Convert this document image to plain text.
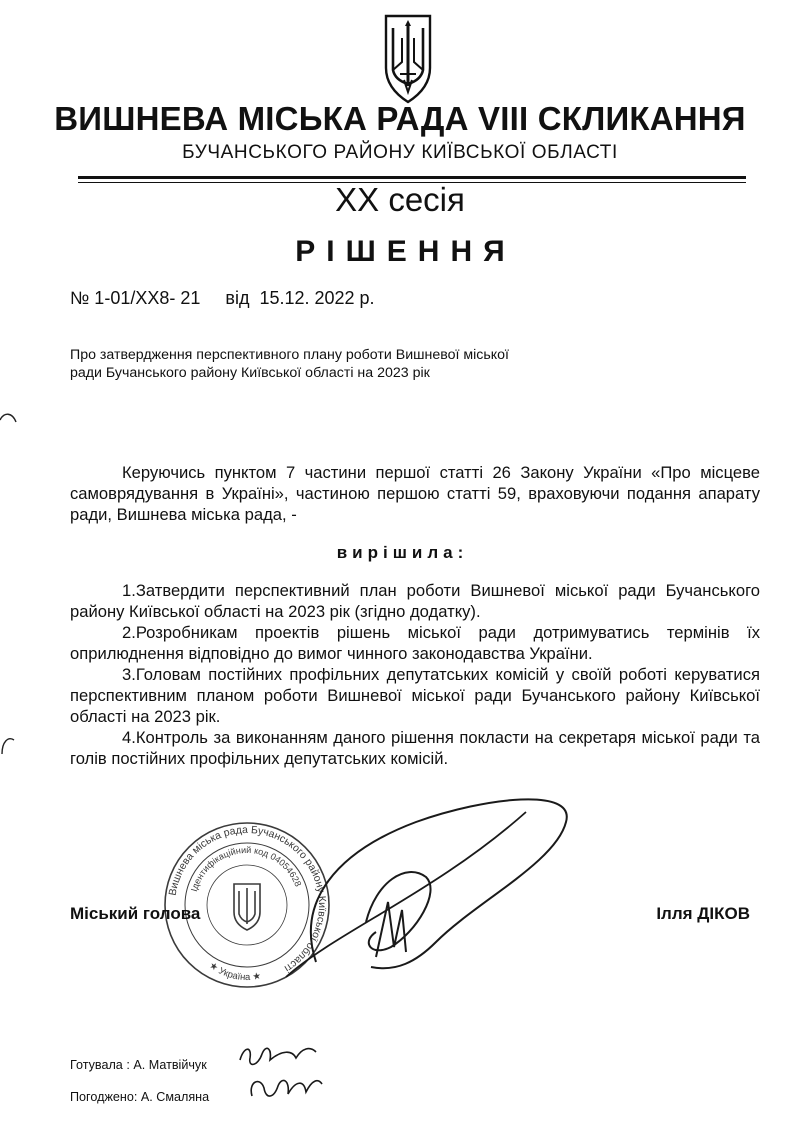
ВИШНЕВА МІСЬКА РАДА VIII СКЛИКАННЯ
БУЧАНСЬКОГО РАЙОНУ КИЇВСЬКОЇ ОБЛАСТІ
XX сесія
РІШЕННЯ
№ 1-01/XX8- 21     від  15.12. 2022 р.
Про затвердження перспективного плану роботи Вишневої міської ради Бучанського району Київської області на 2023 рік
Керуючись пунктом 7 частини першої статті 26 Закону України «Про місцеве самоврядування в Україні», частиною першою статті 59, враховуючи подання апарату ради, Вишнева міська рада, -
вирішила:

1.Затвердити перспективний план роботи Вишневої міської ради Бучанського району Київської області на 2023 рік (згідно додатку).

2.Розробникам проектів рішень міської ради дотримуватись термінів їх оприлюднення відповідно до вимог чинного законодавства України.

3.Головам постійних профільних депутатських комісій у своїй роботі керуватися перспективним планом роботи Вишневої міської ради Бучанського району Київської області на 2023 рік.

4.Контроль за виконанням даного рішення покласти на секретаря міської ради та голів постійних профільних депутатських комісій.

Вишнева міська рада Бучанського району Київської області
Ідентифікаційний код 04054628
★ Україна ★
Міський голова	Ілля ДІКОВ
Готувала : А. Матвійчук
Погоджено: А. Смаляна
